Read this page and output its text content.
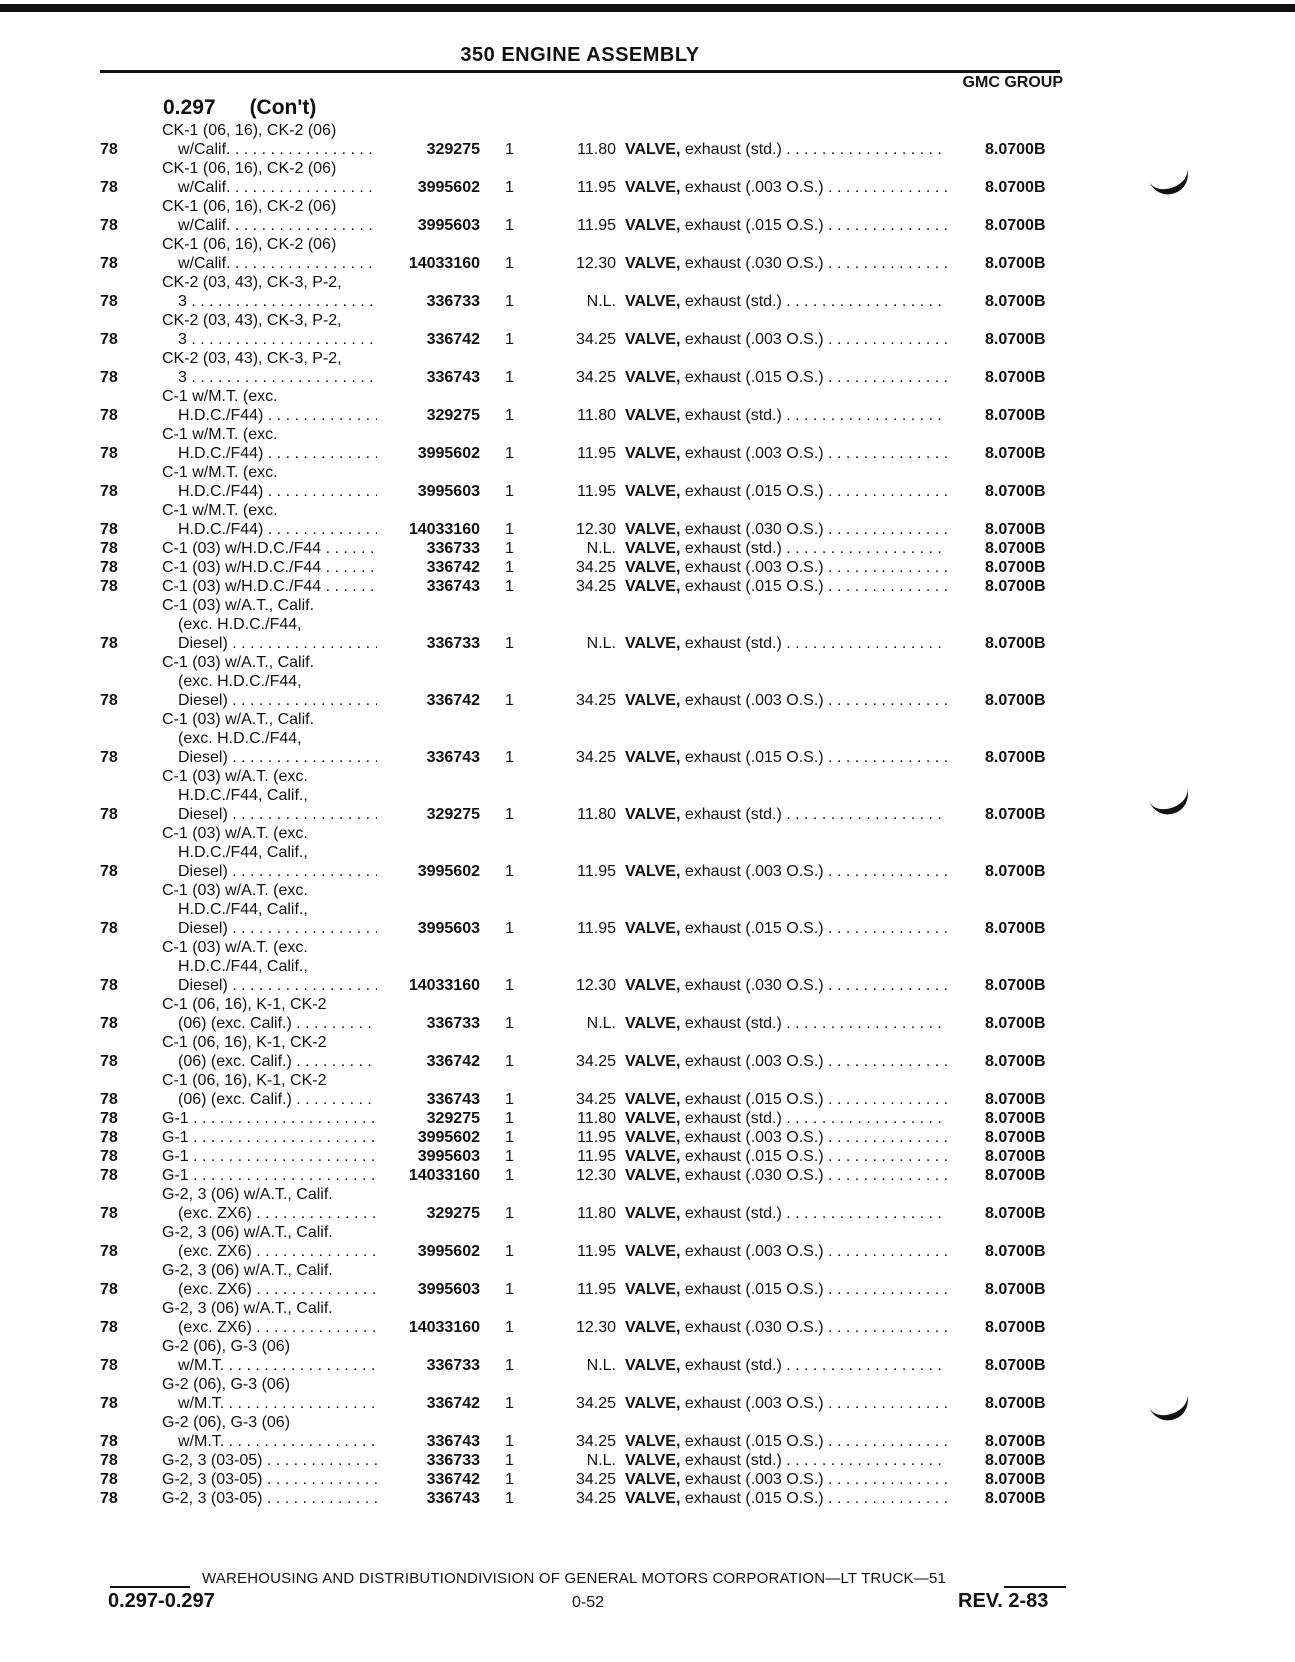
350 ENGINE ASSEMBLY
GMC GROUP
0.297 (Con't)
78
CK-1 (06, 16), CK-2 (06)
w/Calif. . . .	329275 1	11.80 VALVE, exhaust (std.) . . .	8.0700B
78
CK-1 (06, 16), CK-2 (06)
w/Calif. . . .	3995602 1	11.95 VALVE, exhaust (.003 O.S.) . . .	8.0700B
78
CK-1 (06, 16), CK-2 (06)
w/Calif. . . .	3995603 1	11.95 VALVE, exhaust (.015 O.S.) . . .	8.0700B
78
CK-1 (06, 16), CK-2 (06)
w/Calif. . . .	14033160 1	12.30 VALVE, exhaust (.030 O.S.) . . .	8.0700B
78
CK-2 (03, 43), CK-3, P-2,
3 . . .	336733 1	N.L. VALVE, exhaust (std.) . . .	8.0700B
78
CK-2 (03, 43), CK-3, P-2,
3 . . .	336742 1	34.25 VALVE, exhaust (.003 O.S.) . . .	8.0700B
78
CK-2 (03, 43), CK-3, P-2,
3 . . .	336743 1	34.25 VALVE, exhaust (.015 O.S.) . . .	8.0700B
78
C-1 w/M.T. (exc.
H.D.C./F44) . . .	329275 1	11.80 VALVE, exhaust (std.) . . .	8.0700B
78
C-1 w/M.T. (exc.
H.D.C./F44) . . .	3995602 1	11.95 VALVE, exhaust (.003 O.S.) . . .	8.0700B
78
C-1 w/M.T. (exc.
H.D.C./F44) . . .	3995603 1	11.95 VALVE, exhaust (.015 O.S.) . . .	8.0700B
78
C-1 w/M.T. (exc.
H.D.C./F44) . . .	14033160 1	12.30 VALVE, exhaust (.030 O.S.) . . .	8.0700B
78	C-1 (03) w/H.D.C./F44 . . .	336733 1	N.L. VALVE, exhaust (std.) . . .	8.0700B
78	C-1 (03) w/H.D.C./F44 . . .	336742 1	34.25 VALVE, exhaust (.003 O.S.) . . .	8.0700B
78	C-1 (03) w/H.D.C./F44 . . .	336743 1	34.25 VALVE, exhaust (.015 O.S.) . . .	8.0700B
78
C-1 (03) w/A.T., Calif.
(exc. H.D.C./F44,
Diesel) . . .	336733 1	N.L. VALVE, exhaust (std.) . . .	8.0700B
78
C-1 (03) w/A.T., Calif.
(exc. H.D.C./F44,
Diesel) . . .	336742 1	34.25 VALVE, exhaust (.003 O.S.) . . .	8.0700B
78
C-1 (03) w/A.T., Calif.
(exc. H.D.C./F44,
Diesel) . . .	336743 1	34.25 VALVE, exhaust (.015 O.S.) . . .	8.0700B
78
C-1 (03) w/A.T. (exc.
H.D.C./F44, Calif.,
Diesel) . . .	329275 1	11.80 VALVE, exhaust (std.) . . .	8.0700B
78
C-1 (03) w/A.T. (exc.
H.D.C./F44, Calif.,
Diesel) . . .	3995602 1	11.95 VALVE, exhaust (.003 O.S.) . . .	8.0700B
78
C-1 (03) w/A.T. (exc.
H.D.C./F44, Calif.,
Diesel) . . .	3995603 1	11.95 VALVE, exhaust (.015 O.S.) . . .	8.0700B
78
C-1 (03) w/A.T. (exc.
H.D.C./F44, Calif.,
Diesel) . . .	14033160 1	12.30 VALVE, exhaust (.030 O.S.) . . .	8.0700B
78
C-1 (06, 16), K-1, CK-2
(06) (exc. Calif.) . . .	336733 1	N.L. VALVE, exhaust (std.) . . .	8.0700B
78
C-1 (06, 16), K-1, CK-2
(06) (exc. Calif.) . . .	336742 1	34.25 VALVE, exhaust (.003 O.S.) . . .	8.0700B
78
C-1 (06, 16), K-1, CK-2
(06) (exc. Calif.) . . .	336743 1	34.25 VALVE, exhaust (.015 O.S.) . . .	8.0700B
78	G-1 . . .	329275 1	11.80 VALVE, exhaust (std.) . . .	8.0700B
78	G-1 . . .	3995602 1	11.95 VALVE, exhaust (.003 O.S.) . . .	8.0700B
78	G-1 . . .	3995603 1	11.95 VALVE, exhaust (.015 O.S.) . . .	8.0700B
78	G-1 . . .	14033160 1	12.30 VALVE, exhaust (.030 O.S.) . . .	8.0700B
78
G-2, 3 (06) w/A.T., Calif.
(exc. ZX6) . . .	329275 1	11.80 VALVE, exhaust (std.) . . .	8.0700B
78
G-2, 3 (06) w/A.T., Calif.
(exc. ZX6) . . .	3995602 1	11.95 VALVE, exhaust (.003 O.S.) . . .	8.0700B
78
G-2, 3 (06) w/A.T., Calif.
(exc. ZX6) . . .	3995603 1	11.95 VALVE, exhaust (.015 O.S.) . . .	8.0700B
78
G-2, 3 (06) w/A.T., Calif.
(exc. ZX6) . . .	14033160 1	12.30 VALVE, exhaust (.030 O.S.) . . .	8.0700B
78
G-2 (06), G-3 (06)
w/M.T. . . .	336733 1	N.L. VALVE, exhaust (std.) . . .	8.0700B
78
G-2 (06), G-3 (06)
w/M.T. . . .	336742 1	34.25 VALVE, exhaust (.003 O.S.) . . .	8.0700B
78
G-2 (06), G-3 (06)
w/M.T. . . .	336743 1	34.25 VALVE, exhaust (.015 O.S.) . . .	8.0700B
78	G-2, 3 (03-05) . . .	336733 1	N.L. VALVE, exhaust (std.) . . .	8.0700B
78	G-2, 3 (03-05) . . .	336742 1	34.25 VALVE, exhaust (.003 O.S.) . . .	8.0700B
78	G-2, 3 (03-05) . . .	336743 1	34.25 VALVE, exhaust (.015 O.S.) . . .	8.0700B
WAREHOUSING AND DISTRIBUTIONDIVISION OF GENERAL MOTORS CORPORATION—LT TRUCK—51
0.297-0.297	0-52	REV. 2-83
